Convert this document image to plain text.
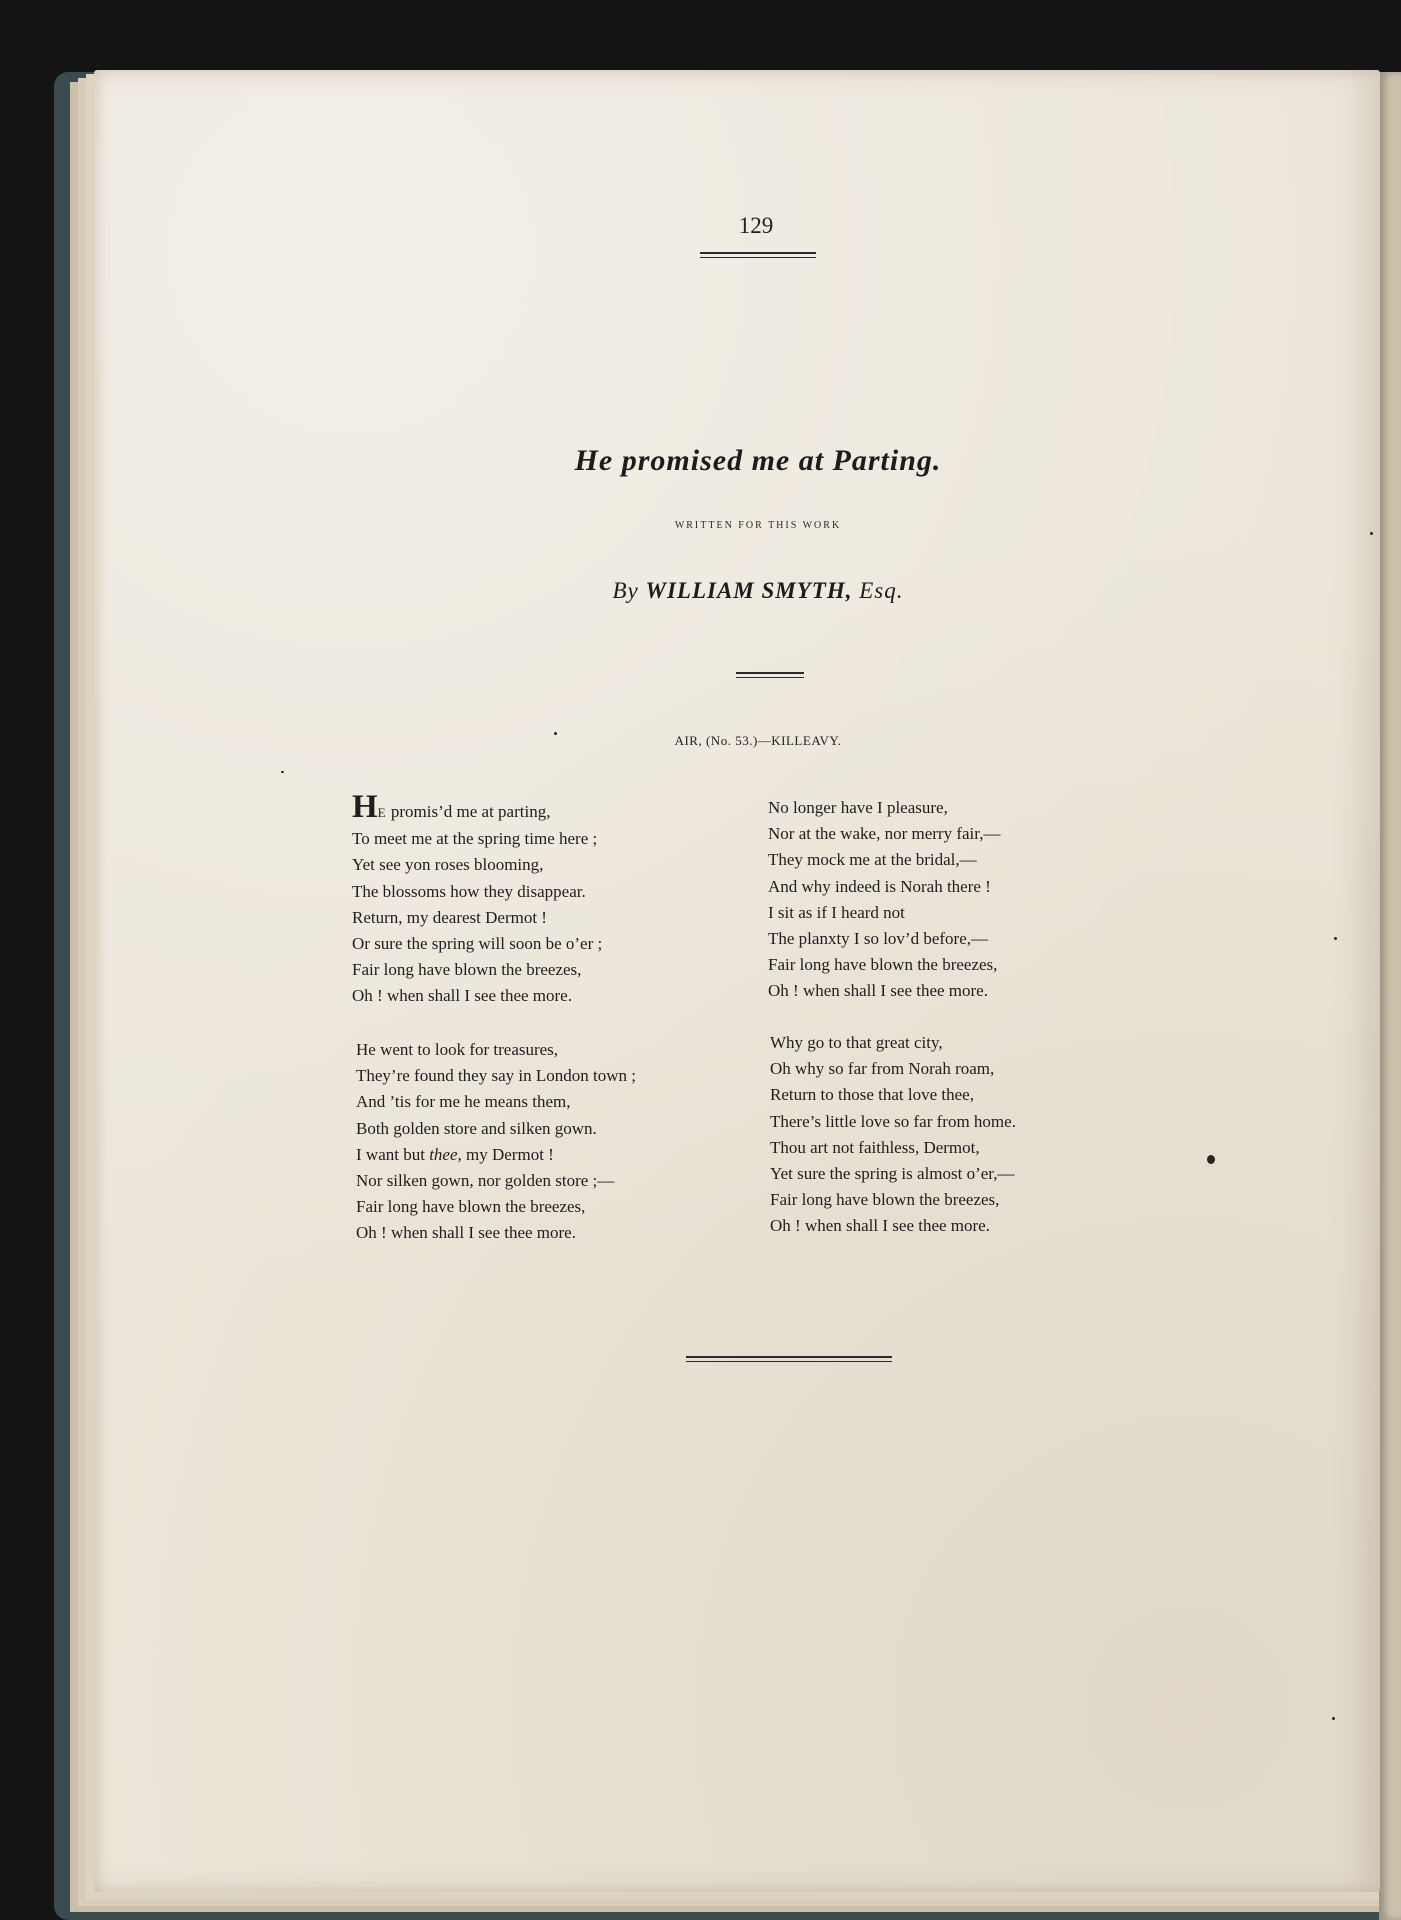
129
He promised me at Parting.
WRITTEN FOR THIS WORK
By WILLIAM SMYTH, Esq.
AIR, (No. 53.)—KILLEAVY.
HE promis’d me at parting,
To meet me at the spring time here ;
Yet see yon roses blooming,
The blossoms how they disappear.
Return, my dearest Dermot !
Or sure the spring will soon be o’er ;
Fair long have blown the breezes,
Oh ! when shall I see thee more.
He went to look for treasures,
They’re found they say in London town ;
And ’tis for me he means them,
Both golden store and silken gown.
I want but thee, my Dermot !
Nor silken gown, nor golden store ;—
Fair long have blown the breezes,
Oh ! when shall I see thee more.
No longer have I pleasure,
Nor at the wake, nor merry fair,—
They mock me at the bridal,—
And why indeed is Norah there !
I sit as if I heard not
The planxty I so lov’d before,—
Fair long have blown the breezes,
Oh ! when shall I see thee more.
Why go to that great city,
Oh why so far from Norah roam,
Return to those that love thee,
There’s little love so far from home.
Thou art not faithless, Dermot,
Yet sure the spring is almost o’er,—
Fair long have blown the breezes,
Oh ! when shall I see thee more.
